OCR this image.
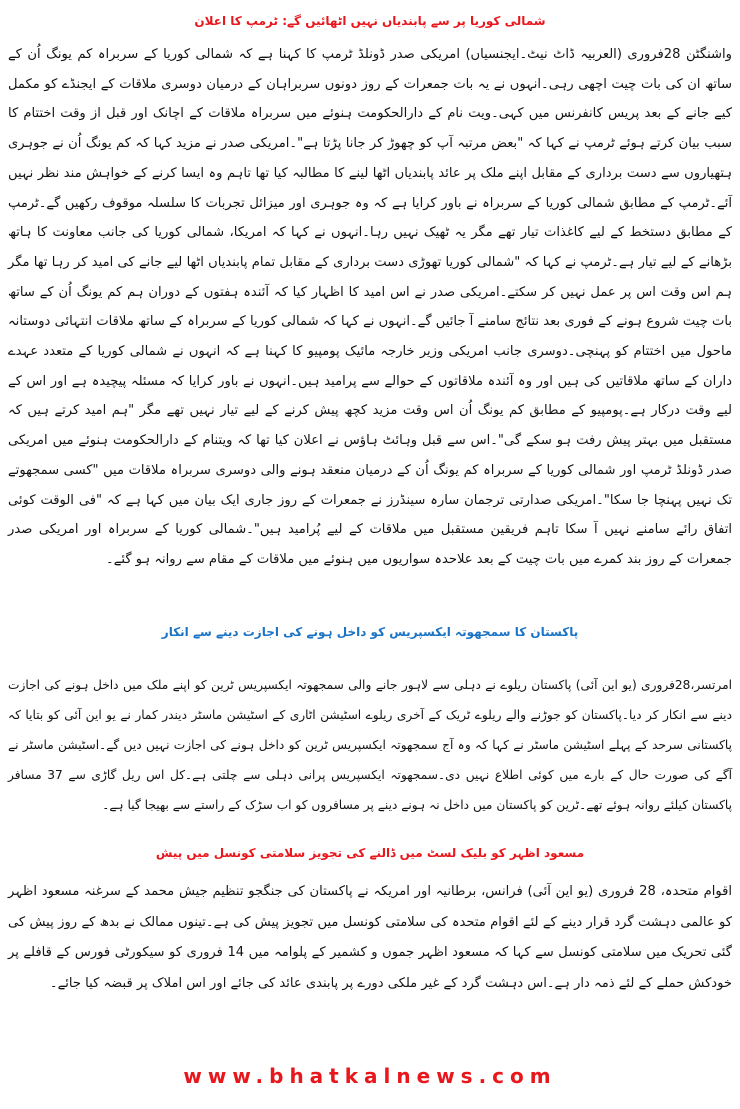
شمالی کوریا پر سے پابندیاں نہیں اٹھائیں گے: ٹرمپ کا اعلان

واشنگٹن 28فروری (العربیہ ڈاٹ نیٹ۔ایجنسیاں) امریکی صدر ڈونلڈ ٹرمپ کا کہنا ہے کہ شمالی کوریا کے سربراہ کم یونگ اُن کے ساتھ ان کی بات چیت اچھی رہی۔انہوں نے یہ بات جمعرات کے روز دونوں سربراہان کے درمیان دوسری ملاقات کے ایجنڈے کو مکمل کیے جانے کے بعد پریس کانفرنس میں کہی۔ویت نام کے دارالحکومت ہنوئے میں سربراہ ملاقات کے اچانک اور قبل از وقت اختتام کا سبب بیان کرتے ہوئے ٹرمپ نے کہا کہ "بعض مرتبہ آپ کو چھوڑ کر جانا پڑتا ہے"۔امریکی صدر نے مزید کہا کہ کم یونگ اُن نے جوہری ہتھیاروں سے دست برداری کے مقابل اپنے ملک پر عائد پابندیاں اٹھا لینے کا مطالبہ کیا تھا تاہم وہ ایسا کرنے کے خواہش مند نظر نہیں آئے۔ٹرمپ کے مطابق شمالی کوریا کے سربراہ نے باور کرایا ہے کہ وہ جوہری اور میزائل تجربات کا سلسلہ موقوف رکھیں گے۔ٹرمپ کے مطابق دستخط کے لیے کاغذات تیار تھے مگر یہ ٹھیک نہیں رہا۔انہوں نے کہا کہ امریکا، شمالی کوریا کی جانب معاونت کا ہاتھ بڑھانے کے لیے تیار ہے۔ٹرمپ نے کہا کہ "شمالی کوریا تھوڑی دست برداری کے مقابل تمام پابندیاں اٹھا لیے جانے کی امید کر رہا تھا مگر ہم اس وقت اس پر عمل نہیں کر سکتے۔امریکی صدر نے اس امید کا اظہار کیا کہ آئندہ ہفتوں کے دوران ہم کم یونگ اُن کے ساتھ بات چیت شروع ہونے کے فوری بعد نتائج سامنے آ جائیں گے۔انہوں نے کہا کہ شمالی کوریا کے سربراہ کے ساتھ ملاقات انتہائی دوستانہ ماحول میں اختتام کو پہنچی۔دوسری جانب امریکی وزیر خارجہ مائیک پومپیو کا کہنا ہے کہ انہوں نے شمالی کوریا کے متعدد عہدے داران کے ساتھ ملاقاتیں کی ہیں اور وہ آئندہ ملاقاتوں کے حوالے سے پرامید ہیں۔انہوں نے باور کرایا کہ مسئلہ پیچیدہ ہے اور اس کے لیے وقت درکار ہے۔پومپیو کے مطابق کم یونگ اُن اس وقت مزید کچھ پیش کرنے کے لیے تیار نہیں تھے مگر "ہم امید کرتے ہیں کہ مستقبل میں بہتر پیش رفت ہو سکے گی"۔اس سے قبل وہائٹ ہاؤس نے اعلان کیا تھا کہ ویتنام کے دارالحکومت ہنوئے میں امریکی صدر ڈونلڈ ٹرمپ اور شمالی کوریا کے سربراہ کم یونگ اُن کے درمیان منعقد ہونے والی دوسری سربراہ ملاقات میں "کسی سمجھوتے تک نہیں پہنچا جا سکا"۔امریکی صدارتی ترجمان سارہ سینڈرز نے جمعرات کے روز جاری ایک بیان میں کہا ہے کہ "فی الوقت کوئی اتفاق رائے سامنے نہیں آ سکا تاہم فریقین مستقبل میں ملاقات کے لیے پُرامید ہیں"۔شمالی کوریا کے سربراہ اور امریکی صدر جمعرات کے روز بند کمرے میں بات چیت کے بعد علاحدہ سواریوں میں ہنوئے میں ملاقات کے مقام سے روانہ ہو گئے۔

پاکستان کا سمجھوتہ ایکسپریس کو داخل ہونے کی اجازت دینے سے انکار

امرتسر،28فروری (یو این آئی) پاکستان ریلوے نے دہلی سے لاہور جانے والی سمجھوتہ ایکسپریس ٹرین کو اپنے ملک میں داخل ہونے کی اجازت دینے سے انکار کر دیا۔پاکستان کو جوڑنے والے ریلوے ٹریک کے آخری ریلوے اسٹیشن اٹاری کے اسٹیشن ماسٹر دیندر کمار نے یو این آئی کو بتایا کہ پاکستانی سرحد کے پہلے اسٹیشن ماسٹر نے کہا کہ وہ آج سمجھوتہ ایکسپریس ٹرین کو داخل ہونے کی اجازت نہیں دیں گے۔اسٹیشن ماسٹر نے آگے کی صورت حال کے بارے میں کوئی اطلاع نہیں دی۔سمجھوتہ ایکسپریس پرانی دہلی سے چلتی ہے۔کل اس ریل گاڑی سے 37 مسافر پاکستان کیلئے روانہ ہوئے تھے۔ٹرین کو پاکستان میں داخل نہ ہونے دینے پر مسافروں کو اب سڑک کے راستے سے بھیجا گیا ہے۔

مسعود اظہر کو بلیک لسٹ میں ڈالنے کی تجویز سلامتی کونسل میں پیش

اقوام متحدہ، 28 فروری (یو این آئی) فرانس، برطانیہ اور امریکہ نے پاکستان کی جنگجو تنظیم جیش محمد کے سرغنہ مسعود اظہر کو عالمی دہشت گرد قرار دینے کے لئے اقوام متحدہ کی سلامتی کونسل میں تجویز پیش کی ہے۔تینوں ممالک نے بدھ کے روز پیش کی گئی تحریک میں سلامتی کونسل سے کہا کہ مسعود اظہر جموں و کشمیر کے پلوامہ میں 14 فروری کو سیکورٹی فورس کے قافلے پر خودکش حملے کے لئے ذمہ دار ہے۔اس دہشت گرد کے غیر ملکی دورے پر پابندی عائد کی جائے اور اس املاک پر قبضہ کیا جائے۔

www.bhatkalnews.com
